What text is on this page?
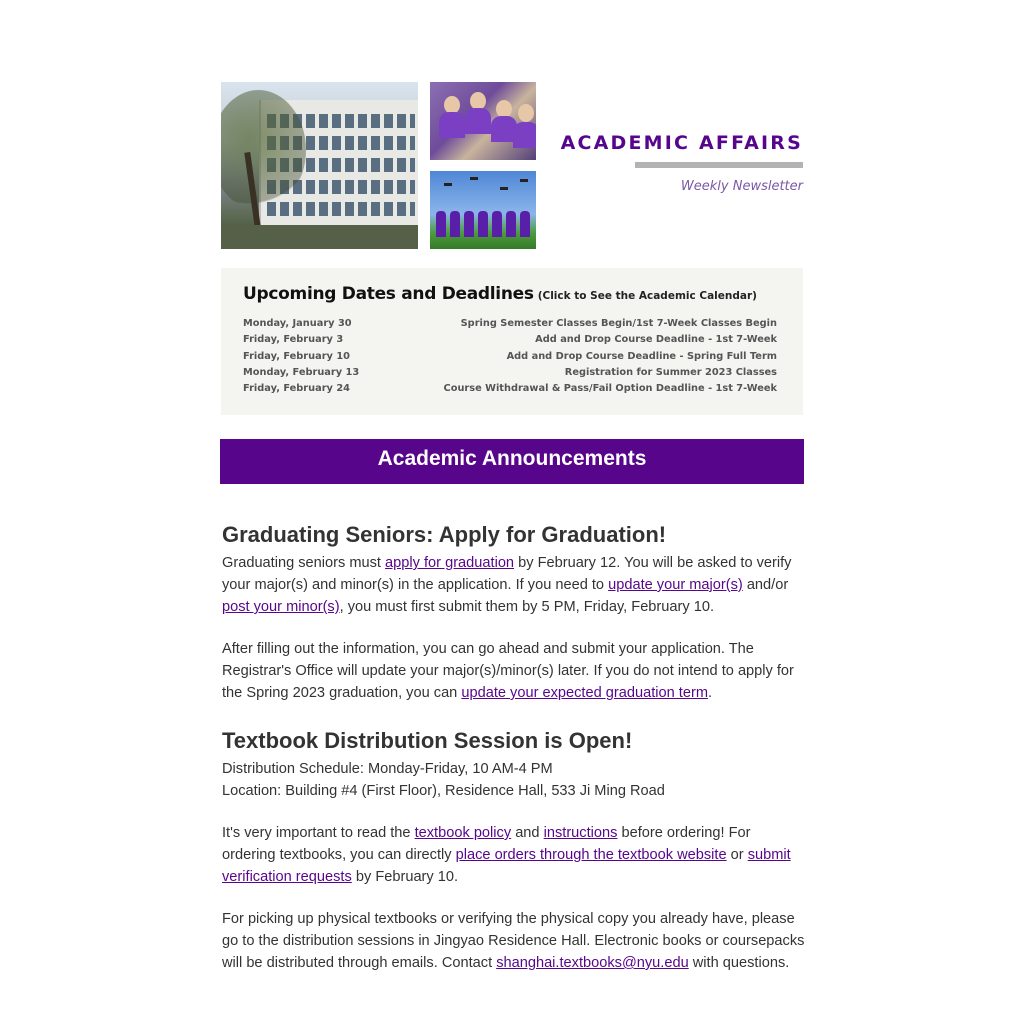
ACADEMIC AFFAIRS
Weekly Newsletter
Upcoming Dates and Deadlines (Click to See the Academic Calendar)
Monday, January 30	Spring Semester Classes Begin/1st 7-Week Classes Begin
Friday, February 3	Add and Drop Course Deadline - 1st 7-Week
Friday, February 10	Add and Drop Course Deadline - Spring Full Term
Monday, February 13	Registration for Summer 2023 Classes
Friday, February 24	Course Withdrawal & Pass/Fail Option Deadline - 1st 7-Week
Academic Announcements
Graduating Seniors: Apply for Graduation!

Graduating seniors must apply for graduation by February 12. You will be asked to verify your major(s) and minor(s) in the application. If you need to update your major(s) and/or post your minor(s), you must first submit them by 5 PM, Friday, February 10.

After filling out the information, you can go ahead and submit your application. The Registrar's Office will update your major(s)/minor(s) later. If you do not intend to apply for the Spring 2023 graduation, you can update your expected graduation term.

Textbook Distribution Session is Open!

Distribution Schedule: Monday-Friday, 10 AM-4 PM

Location: Building #4 (First Floor), Residence Hall, 533 Ji Ming Road

It's very important to read the textbook policy and instructions before ordering! For ordering textbooks, you can directly place orders through the textbook website or submit verification requests by February 10.

For picking up physical textbooks or verifying the physical copy you already have, please go to the distribution sessions in Jingyao Residence Hall. Electronic books or coursepacks will be distributed through emails. Contact shanghai.textbooks@nyu.edu with questions.
